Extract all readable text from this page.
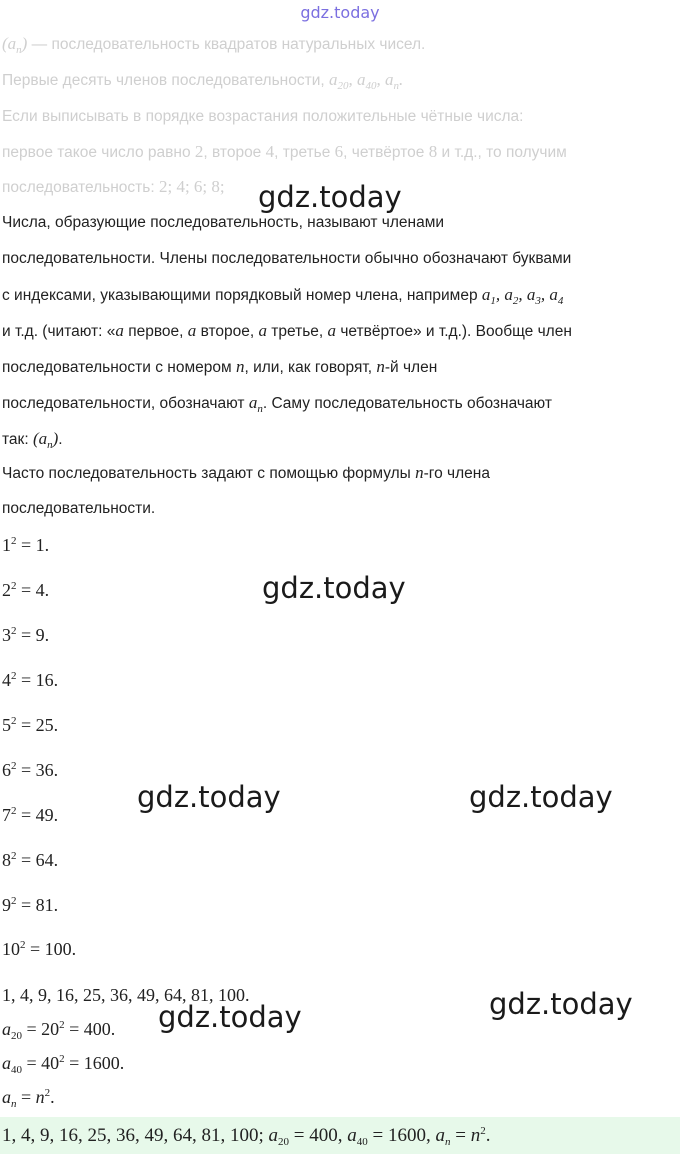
gdz.today
$(a_n)$ — последовательность квадратов натуральных чисел.
Первые десять членов последовательности, $a_{20}$, $a_{40}$, $a_n$.
Если выписывать в порядке возрастания положительные чётные числа:
первое такое число равно 2, второе 4, третье 6, четвёртое 8 и т.д., то получим
последовательность: 2; 4; 6; 8;
Числа, образующие последовательность, называют членами
последовательности. Члены последовательности обычно обозначают буквами
с индексами, указывающими порядковый номер члена, например $a_1$, $a_2$, $a_3$, $a_4$
и т.д. (читают: «a первое, a второе, a третье, a четвёртое» и т.д.). Вообще член
последовательности с номером n, или, как говорят, n-й член
последовательности, обозначают $a_n$. Саму последовательность обозначают
так: $(a_n)$.
Часто последовательность задают с помощью формулы n-го члена
последовательности.
$1^2 = 1$.
$2^2 = 4$.
$3^2 = 9$.
$4^2 = 16$.
$5^2 = 25$.
$6^2 = 36$.
$7^2 = 49$.
$8^2 = 64$.
$9^2 = 81$.
$10^2 = 100$.
1, 4, 9, 16, 25, 36, 49, 64, 81, 100.
$a_{20} = 20^2 = 400$.
$a_{40} = 40^2 = 1600$.
$a_n = n^2$.
1, 4, 9, 16, 25, 36, 49, 64, 81, 100; $a_{20} = 400$, $a_{40} = 1600$, $a_n = n^2$.
gdz.today
gdz.today
gdz.today	gdz.today
gdz.today
gdz.today
